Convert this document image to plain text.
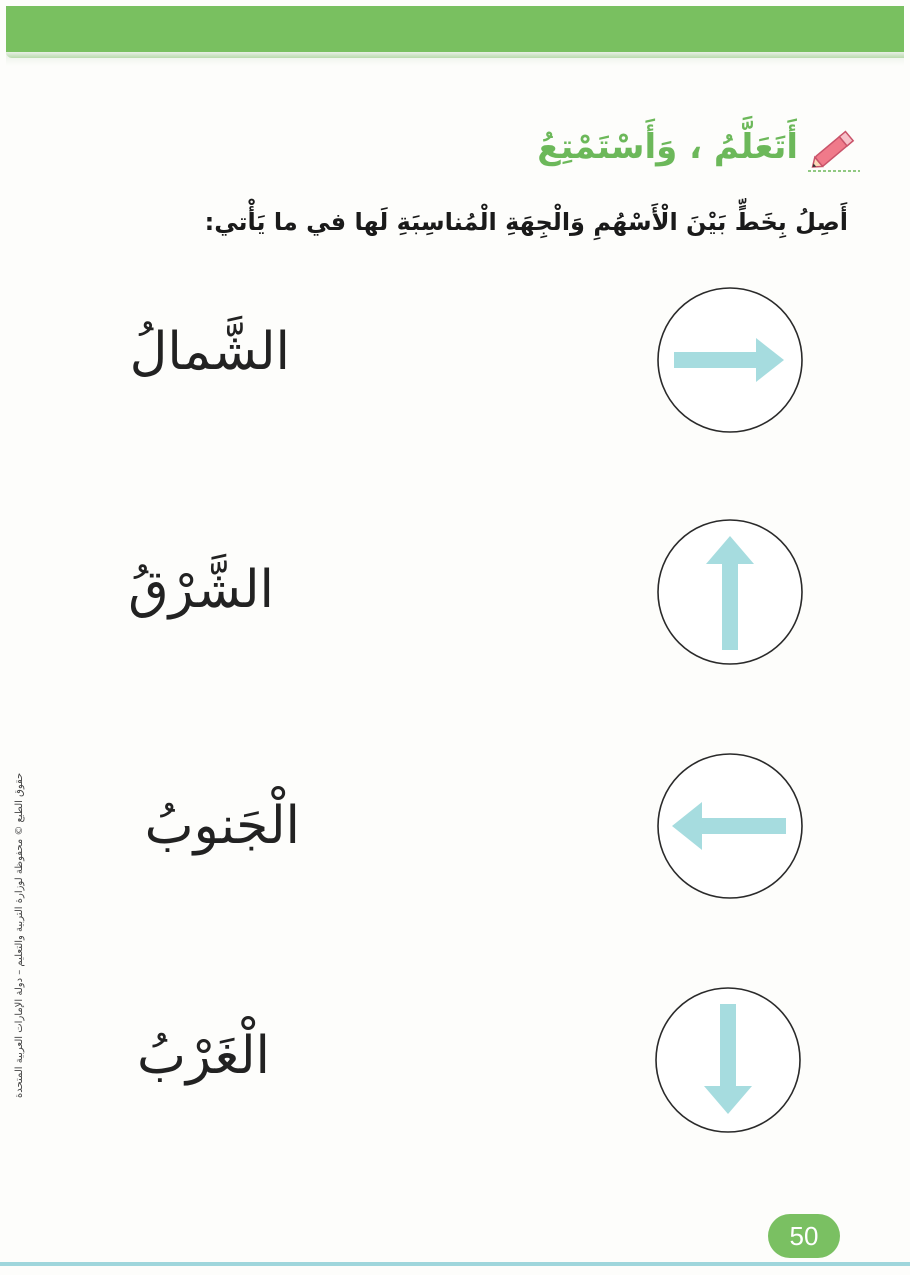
أَتَعَلَّمُ ، وَأَسْتَمْتِعُ
أَصِلُ بِخَطٍّ بَيْنَ الْأَسْهُمِ وَالْجِهَةِ الْمُناسِبَةِ لَها في ما يَأْتي:
الشَّمالُ
الشَّرْقُ
الْجَنوبُ
الْغَرْبُ
حقوق الطبع © محفوظة لوزارة التربية والتعليم – دولة الإمارات العربية المتحدة
50
